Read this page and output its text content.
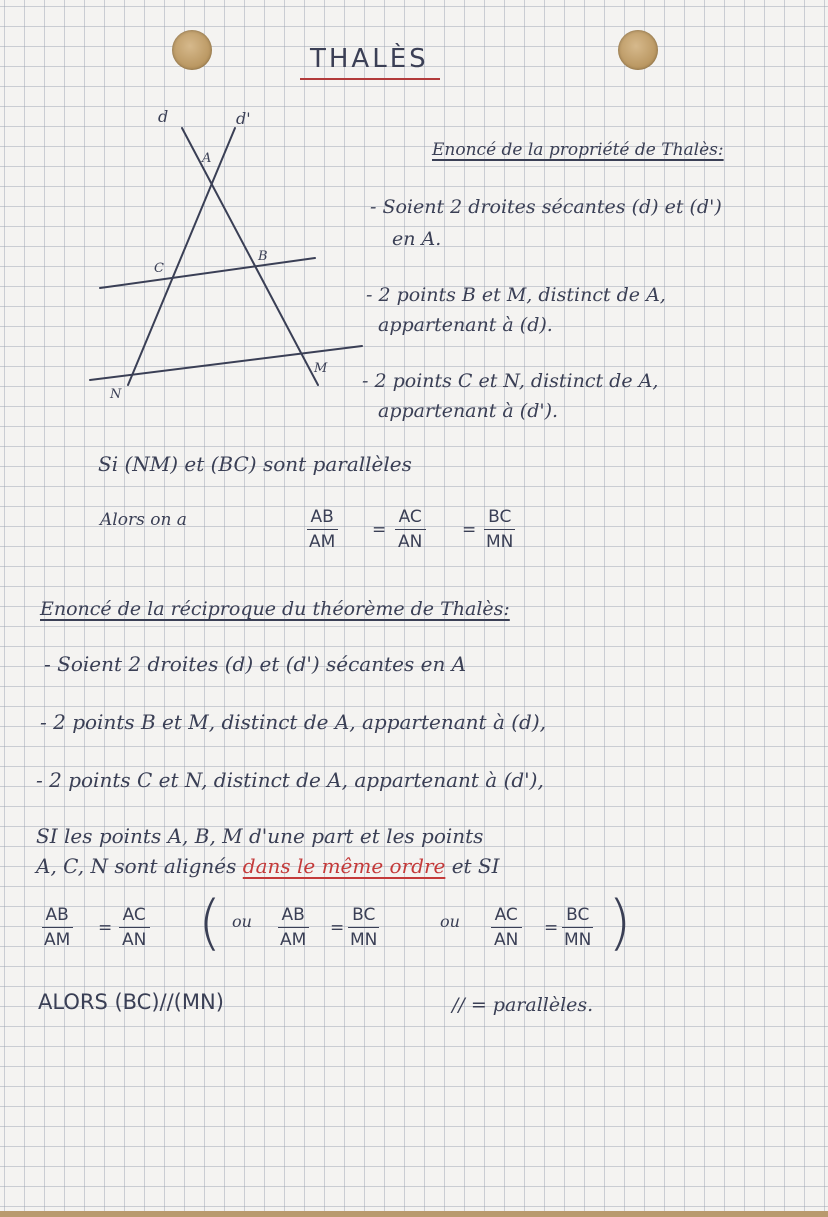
THALÈS
d	d'
A
B
C
M
N
Enoncé de la propriété de Thalès:
- Soient 2 droites sécantes (d) et (d')
en A.
- 2 points B et M, distinct de A,
appartenant à (d).
- 2 points C et N, distinct de A,
appartenant à (d').
Si (NM) et (BC) sont parallèles
Alors on a	$\frac{AB}{AM} = \frac{AC}{AN} = \frac{BC}{MN}$
Enoncé de la réciproque du théorème de Thalès:
- Soient 2 droites (d) et (d') sécantes en A
- 2 points B et M, distinct de A, appartenant à (d),
- 2 points C et N, distinct de A, appartenant à (d'),
SI les points A, B, M d'une part et les points
A, C, N sont alignés dans le même ordre et SI
$\frac{AB}{AM} = \frac{AC}{AN}$ ( ou $\frac{AB}{AM} = \frac{BC}{MN}$	ou $\frac{AC}{AN} = \frac{BC}{MN}$ )
ALORS (BC)//(MN)	// = parallèles.
